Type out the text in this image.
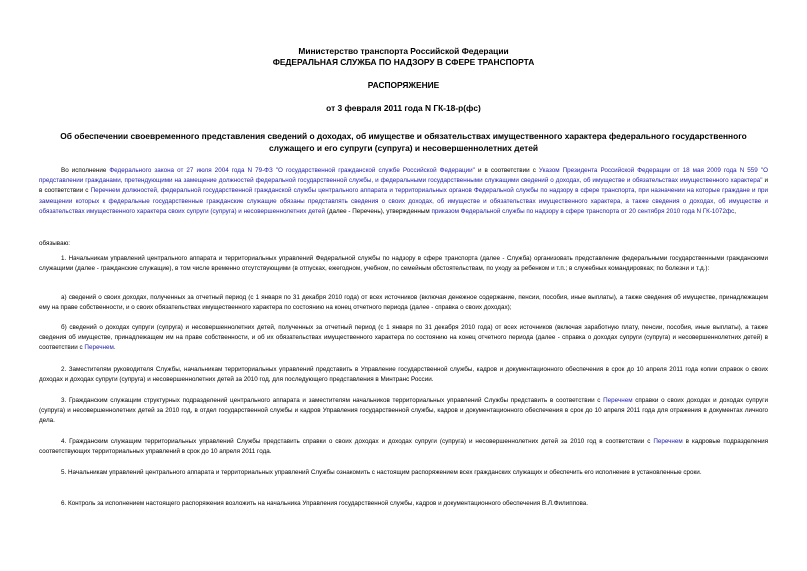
Министерство транспорта Российской Федерации
ФЕДЕРАЛЬНАЯ СЛУЖБА ПО НАДЗОРУ В СФЕРЕ ТРАНСПОРТА
РАСПОРЯЖЕНИЕ
от 3 февраля 2011 года N ГК-18-р(фс)
Об обеспечении своевременного представления сведений о доходах, об имуществе и обязательствах имущественного характера федерального государственного служащего и его супруги (супруга) и несовершеннолетних детей
Во исполнение Федерального закона от 27 июля 2004 года N 79-ФЗ "О государственной гражданской службе Российской Федерации" и в соответствии с Указом Президента Российской Федерации от 18 мая 2009 года N 559 "О представлении гражданами, претендующими на замещение должностей федеральной государственной службы, и федеральными государственными служащими сведений о доходах, об имуществе и обязательствах имущественного характера" и в соответствии с Перечнем должностей, федеральной государственной гражданской службы центрального аппарата и территориальных органов Федеральной службы по надзору в сфере транспорта, при назначении на которые граждане и при замещении которых к федеральные государственные гражданские служащие обязаны представлять сведения о своих доходах, об имуществе и обязательствах имущественного характера, а также сведения о доходах, об имуществе и обязательствах имущественного характера своих супруги (супруга) и несовершеннолетних детей (далее - Перечень), утвержденным приказом Федеральной службы по надзору в сфере транспорта от 20 сентября 2010 года N ГК-1072фс,
обязываю:
1. Начальникам управлений центрального аппарата и территориальных управлений Федеральной службы по надзору в сфере транспорта (далее - Служба) организовать представление федеральными государственными гражданскими служащими (далее - гражданские служащие), в том числе временно отсутствующими (в отпусках, ежегодном, учебном, по семейным обстоятельствам, по уходу за ребенком и т.п.; в служебных командировках; по болезни и т.д.):
а) сведений о своих доходах, полученных за отчетный период (с 1 января по 31 декабря 2010 года) от всех источников (включая денежное содержание, пенсии, пособия, иные выплаты), а также сведения об имуществе, принадлежащем ему на праве собственности, и о своих обязательствах имущественного характера по состоянию на конец отчетного периода (далее - справка о своих доходах);
б) сведений о доходах супруги (супруга) и несовершеннолетних детей, полученных за отчетный период (с 1 января по 31 декабря 2010 года) от всех источников (включая заработную плату, пенсии, пособия, иные выплаты), а также сведения об имуществе, принадлежащем им на праве собственности, и об их обязательствах имущественного характера по состоянию на конец отчетного периода (далее - справка о доходах супруги (супруга) и несовершеннолетних детей) в соответствии с Перечнем.
2. Заместителям руководителя Службы, начальникам территориальных управлений представить в Управление государственной службы, кадров и документационного обеспечения в срок до 10 апреля 2011 года копии справок о своих доходах и доходах супруги (супруга) и несовершеннолетних детей за 2010 год, для последующего представления в Минтранс России.
3. Гражданским служащим структурных подразделений центрального аппарата и заместителям начальников территориальных управлений Службы представить в соответствии с Перечнем справки о своих доходах и доходах супруги (супруга) и несовершеннолетних детей за 2010 год, в отдел государственной службы и кадров Управления государственной службы, кадров и документационного обеспечения в срок до 10 апреля 2011 года для отражения в документах личного дела.
4. Гражданским служащим территориальных управлений Службы представить справки о своих доходах и доходах супруги (супруга) и несовершеннолетних детей за 2010 год в соответствии с Перечнем в кадровые подразделения соответствующих территориальных управлений в срок до 10 апреля 2011 года.
5. Начальникам управлений центрального аппарата и территориальных управлений Службы ознакомить с настоящим распоряжением всех гражданских служащих и обеспечить его исполнение в установленные сроки.
6. Контроль за исполнением настоящего распоряжения возложить на начальника Управления государственной службы, кадров и документационного обеспечения В.Л.Филиппова.
